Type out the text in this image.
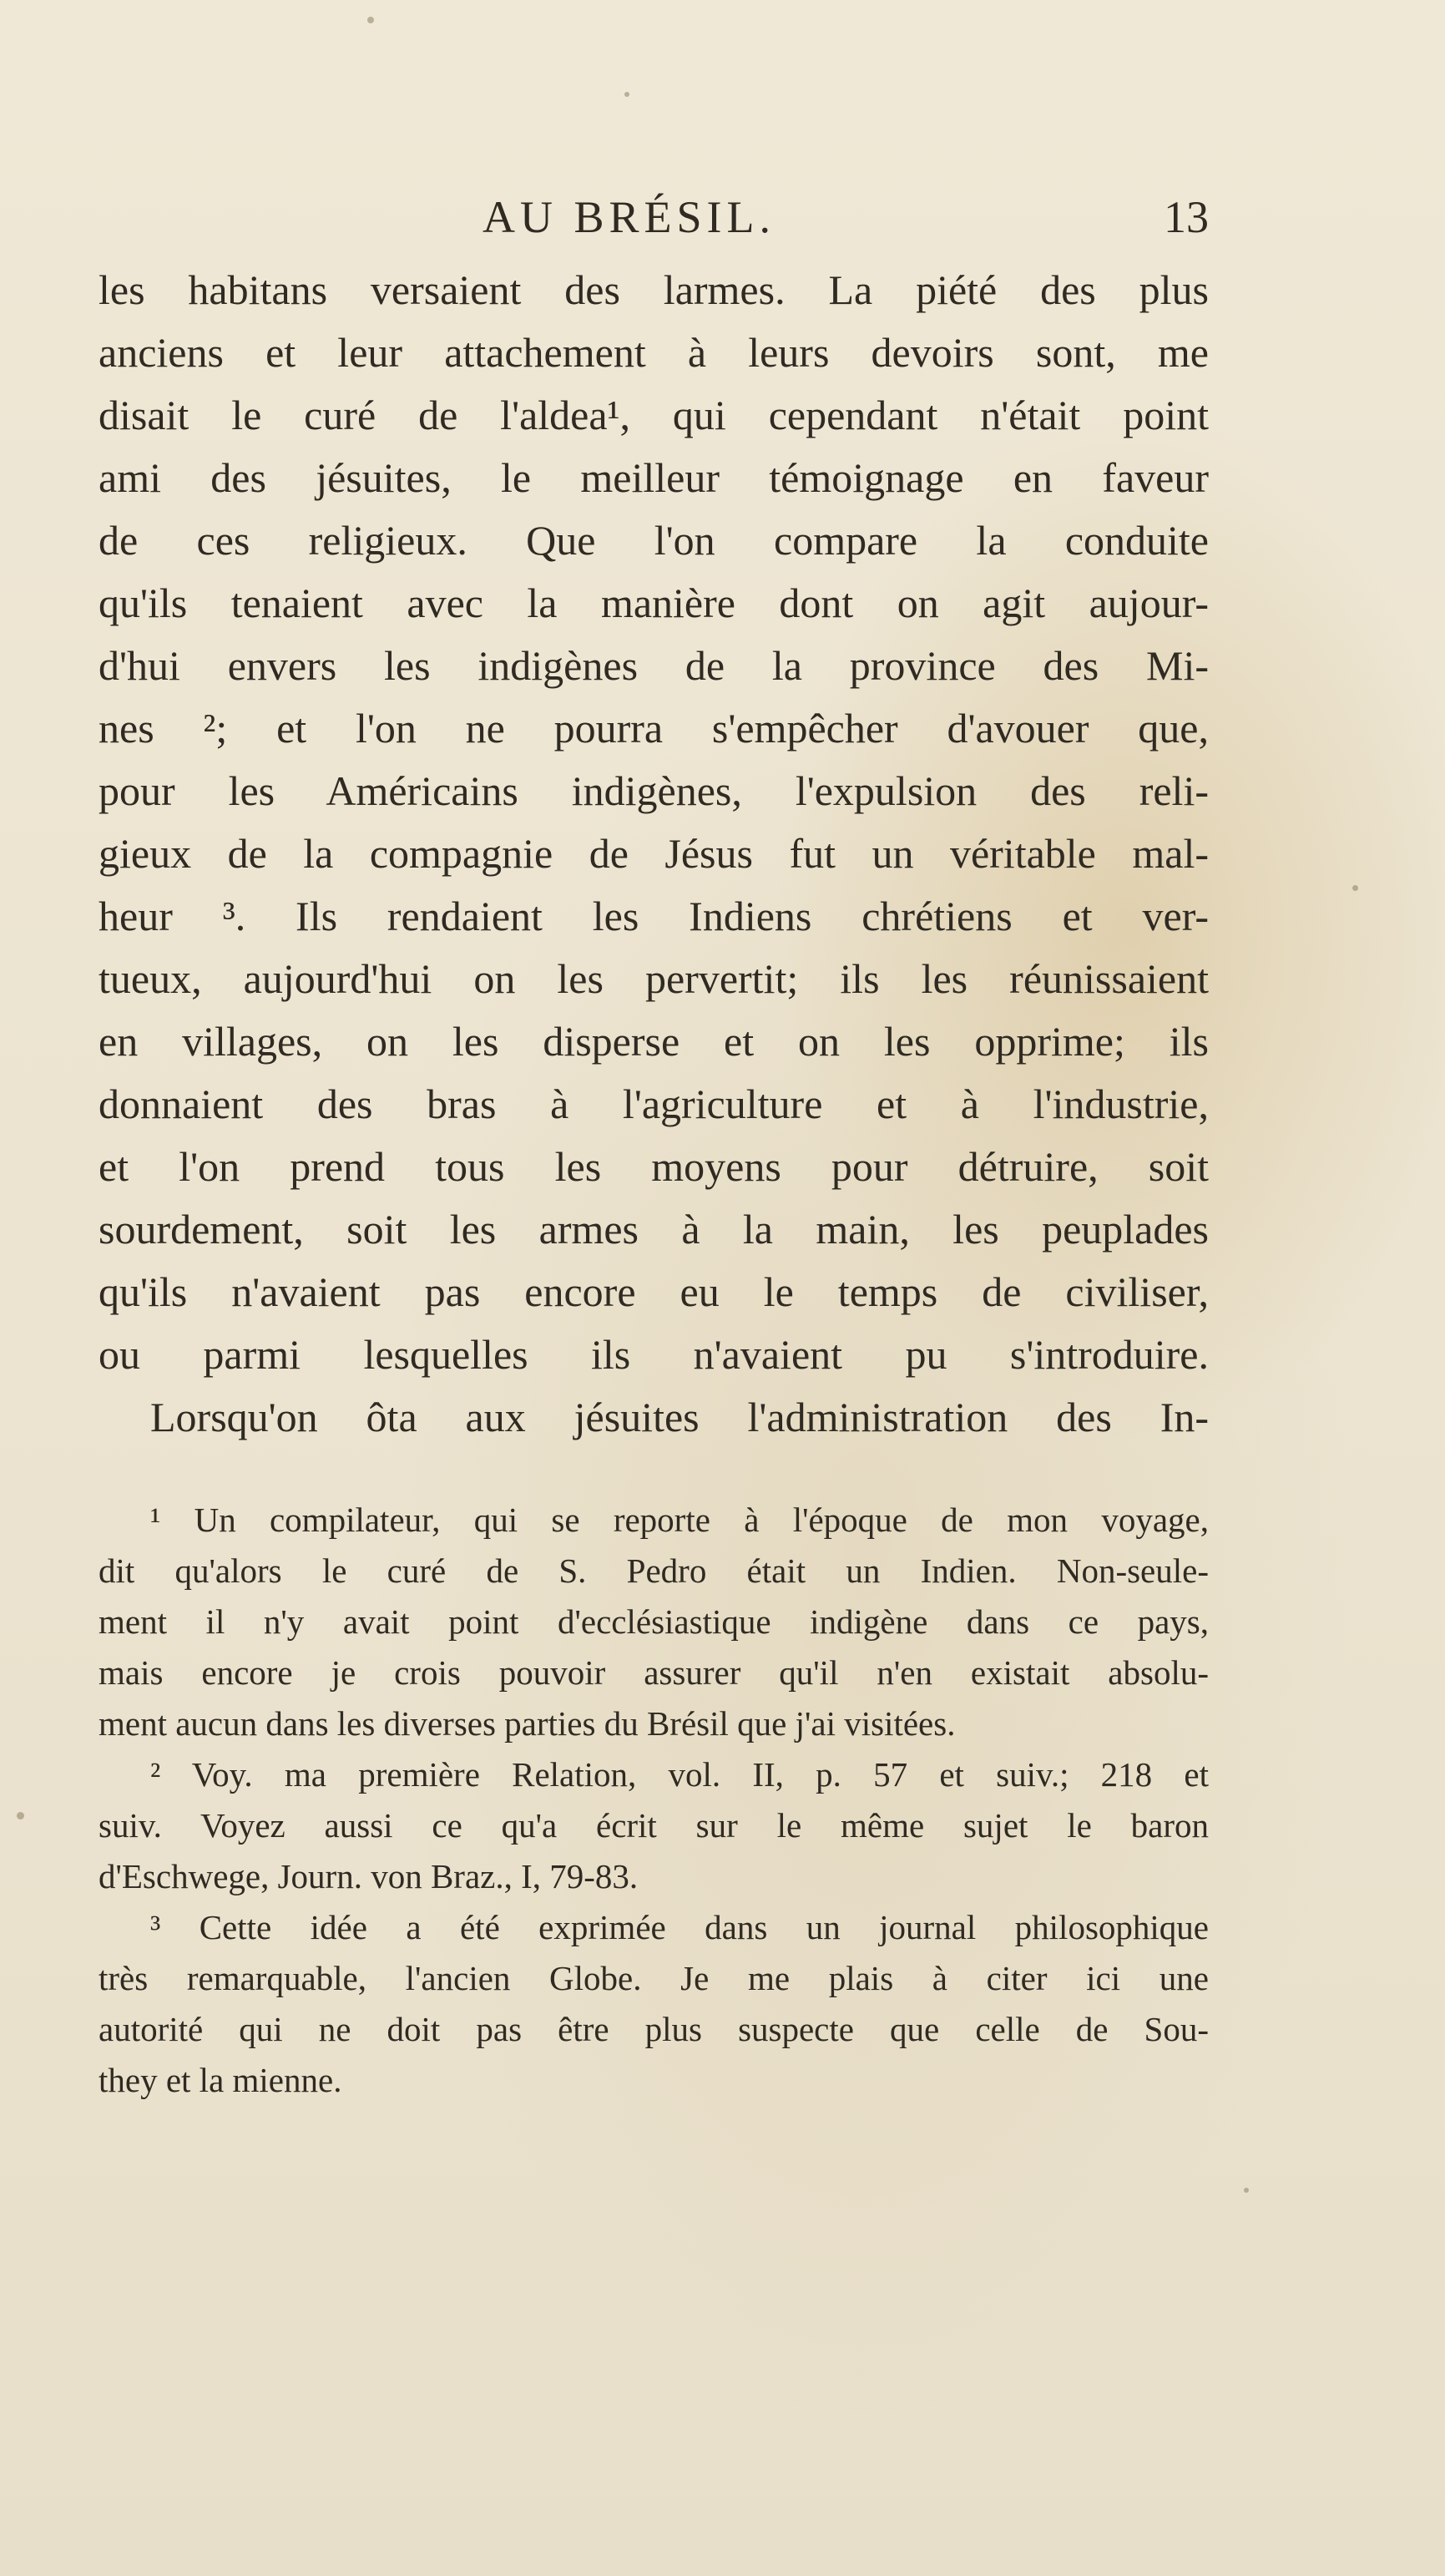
AU BRÉSIL.	13
les habitans versaient des larmes. La piété des plus
anciens et leur attachement à leurs devoirs sont, me
disait le curé de l'aldea¹, qui cependant n'était point
ami des jésuites, le meilleur témoignage en faveur
de ces religieux. Que l'on compare la conduite
qu'ils tenaient avec la manière dont on agit aujour-
d'hui envers les indigènes de la province des Mi-
nes ²; et l'on ne pourra s'empêcher d'avouer que,
pour les Américains indigènes, l'expulsion des reli-
gieux de la compagnie de Jésus fut un véritable mal-
heur ³. Ils rendaient les Indiens chrétiens et ver-
tueux, aujourd'hui on les pervertit; ils les réunissaient
en villages, on les disperse et on les opprime; ils
donnaient des bras à l'agriculture et à l'industrie,
et l'on prend tous les moyens pour détruire, soit
sourdement, soit les armes à la main, les peuplades
qu'ils n'avaient pas encore eu le temps de civiliser,
ou parmi lesquelles ils n'avaient pu s'introduire.
Lorsqu'on ôta aux jésuites l'administration des In-
¹ Un compilateur, qui se reporte à l'époque de mon voyage,
dit qu'alors le curé de S. Pedro était un Indien. Non-seule-
ment il n'y avait point d'ecclésiastique indigène dans ce pays,
mais encore je crois pouvoir assurer qu'il n'en existait absolu-
ment aucun dans les diverses parties du Brésil que j'ai visitées.
² Voy. ma première Relation, vol. II, p. 57 et suiv.; 218 et
suiv. Voyez aussi ce qu'a écrit sur le même sujet le baron
d'Eschwege, Journ. von Braz., I, 79-83.
³ Cette idée a été exprimée dans un journal philosophique
très remarquable, l'ancien Globe. Je me plais à citer ici une
autorité qui ne doit pas être plus suspecte que celle de Sou-
they et la mienne.
